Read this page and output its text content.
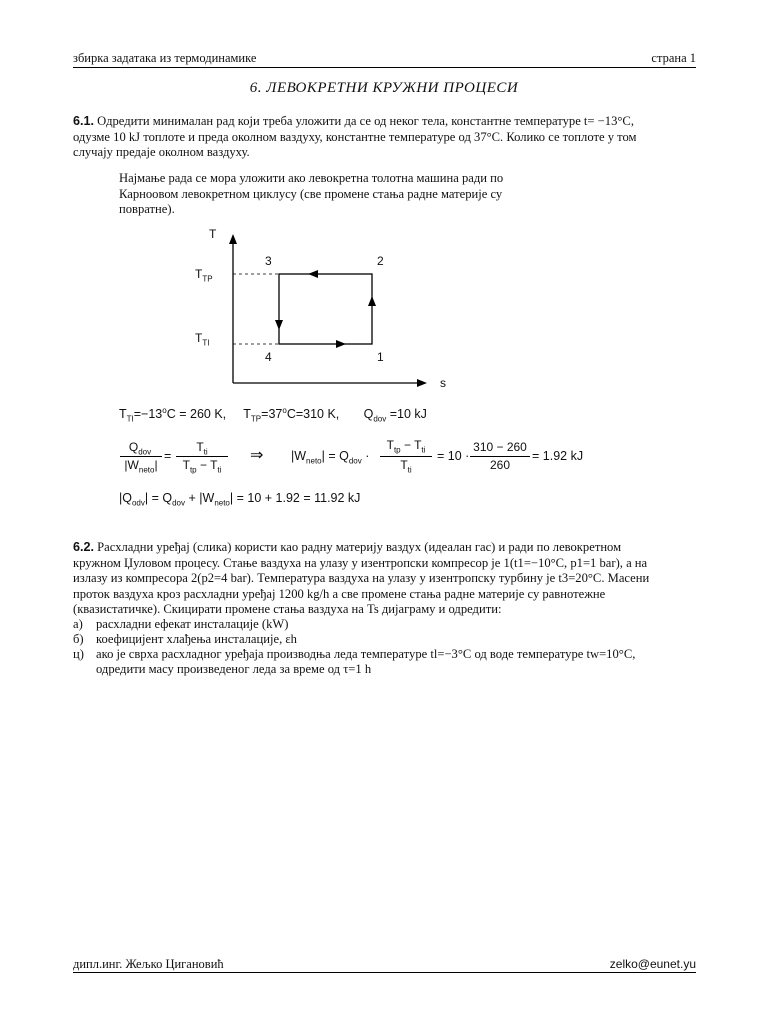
збирка задатака из термодинамике	страна 1
6. ЛЕВОКРЕТНИ КРУЖНИ ПРОЦЕСИ
6.1. Одредити минималан рад који треба уложити да се од неког тела, константне температуре t= −13°C,
одузме 10 kJ топлоте и преда околном ваздуху, константне температуре од 37°C. Колико се топлоте у том
случају предаје околном ваздуху.
Најмање рада се мора уложити ако левокретна толотна машина ради по
Карноовом левокретном циклусу (све промене стања радне материје су
повратне).
T
s
$T_{TP}$
$T_{TI}$
3	2
4	1
$T_{TI}=-13^oC = 260$ K,     $T_{TP}=37^oC=310$ K,       $Q_{dov} =10$ kJ
$Q_{dov}$
$|W_{neto}|$
=
$T_{ti}$
$T_{tp} - T_{ti}$
⇒ $|W_{neto}| = Q_{dov}$ ·
$T_{tp} - T_{ti}$
$T_{ti}$
= 10 ·
310 − 260
260
= 1.92 kJ
$|Q_{odv}| = Q_{dov} + |W_{neto}| = 10 + 1.92 = 11.92$ kJ
6.2. Расхладни уређај (слика) користи као радну материју ваздух (идеалан гас) и ради по левокретном
кружном Џуловом процесу. Стање ваздуха на улазу у изентропски компресор је 1(t1=−10°C, p1=1 bar), а на
излазу из компресора 2(p2=4 bar). Температура ваздуха на улазу у изентропску турбину је t3=20°C. Масени
проток ваздуха кроз расхладни уређај 1200 kg/h а све промене стања радне материје су равнотежне
(квазистатичке). Скицирати промене стања ваздуха на Ts дијаграму и одредити:
а) расхладни ефекат инсталације (kW)
б) коефицијент хлађења инсталације, εh
ц) ако је сврха расхладног уређаја производња леда температуре tl=−3°C од воде температуре tw=10°C,
одредити масу произведеног леда за време од τ=1 h
дипл.инг. Жељко Цигановић	zelko@eunet.yu
